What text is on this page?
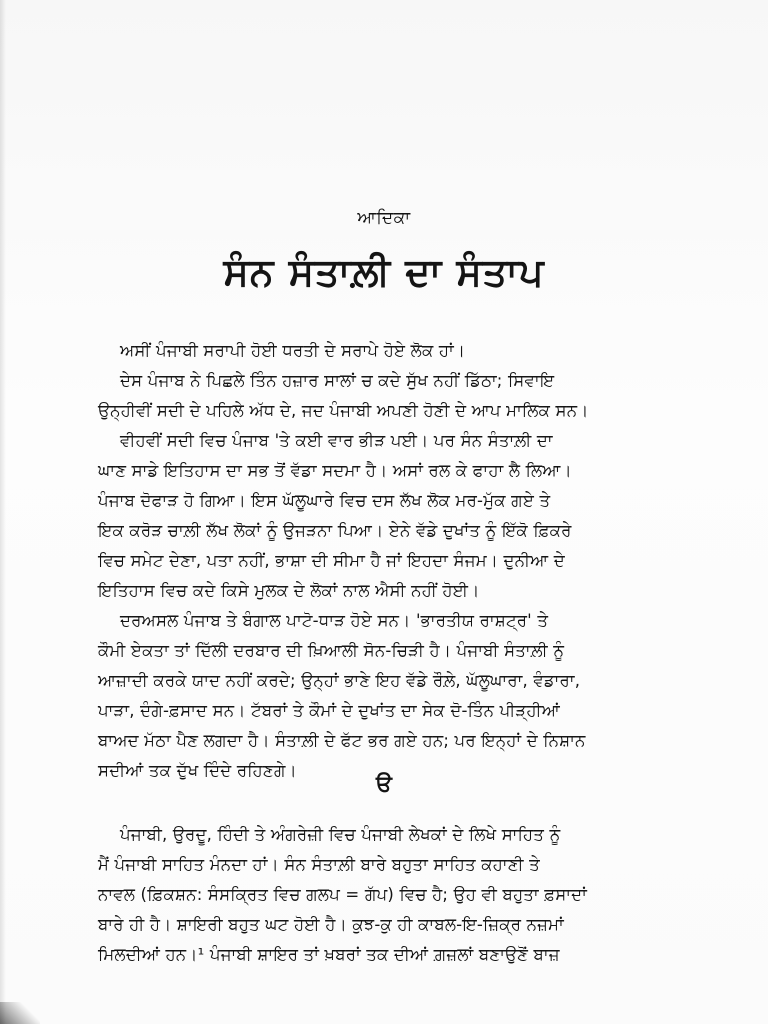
ਆਦਿਕਾ
ਸੰਨ ਸੰਤਾਲ਼ੀ ਦਾ ਸੰਤਾਪ
ਅਸੀਂ ਪੰਜਾਬੀ ਸਰਾਪੀ ਹੋਈ ਧਰਤੀ ਦੇ ਸਰਾਪੇ ਹੋਏ ਲੋਕ ਹਾਂ।
ਦੇਸ ਪੰਜਾਬ ਨੇ ਪਿਛਲੇ ਤਿੰਨ ਹਜ਼ਾਰ ਸਾਲਾਂ ਚ ਕਦੇ ਸੁੱਖ ਨਹੀਂ ਡਿੱਠਾ; ਸਿਵਾਇ
ਉਨ੍ਹੀਵੀਂ ਸਦੀ ਦੇ ਪਹਿਲੇ ਅੱਧ ਦੇ, ਜਦ ਪੰਜਾਬੀ ਅਪਣੀ ਹੋਣੀ ਦੇ ਆਪ ਮਾਲਿਕ ਸਨ।
ਵੀਹਵੀਂ ਸਦੀ ਵਿਚ ਪੰਜਾਬ 'ਤੇ ਕਈ ਵਾਰ ਭੀੜ ਪਈ। ਪਰ ਸੰਨ ਸੰਤਾਲ਼ੀ ਦਾ
ਘਾਣ ਸਾਡੇ ਇਤਿਹਾਸ ਦਾ ਸਭ ਤੋਂ ਵੱਡਾ ਸਦਮਾ ਹੈ। ਅਸਾਂ ਰਲ ਕੇ ਫਾਹਾ ਲੈ ਲਿਆ।
ਪੰਜਾਬ ਦੋਫਾੜ ਹੋ ਗਿਆ। ਇਸ ਘੱਲੂਘਾਰੇ ਵਿਚ ਦਸ ਲੱਖ ਲੋਕ ਮਰ-ਮੁੱਕ ਗਏ ਤੇ
ਇਕ ਕਰੋੜ ਚਾਲ਼ੀ ਲੱਖ ਲੋਕਾਂ ਨੂੰ ਉਜੜਨਾ ਪਿਆ। ਏਨੇ ਵੱਡੇ ਦੁਖਾਂਤ ਨੂੰ ਇੱਕੋ ਫ਼ਿਕਰੇ
ਵਿਚ ਸਮੇਟ ਦੇਣਾ, ਪਤਾ ਨਹੀਂ, ਭਾਸ਼ਾ ਦੀ ਸੀਮਾ ਹੈ ਜਾਂ ਇਹਦਾ ਸੰਜਮ। ਦੁਨੀਆ ਦੇ
ਇਤਿਹਾਸ ਵਿਚ ਕਦੇ ਕਿਸੇ ਮੁਲਕ ਦੇ ਲੋਕਾਂ ਨਾਲ ਐਸੀ ਨਹੀਂ ਹੋਈ।
ਦਰਅਸਲ ਪੰਜਾਬ ਤੇ ਬੰਗਾਲ ਪਾਟੋ-ਧਾੜ ਹੋਏ ਸਨ। 'ਭਾਰਤੀਯ ਰਾਸ਼ਟ੍ਰ' ਤੇ
ਕੌਮੀ ਏਕਤਾ ਤਾਂ ਦਿੱਲੀ ਦਰਬਾਰ ਦੀ ਖ਼ਿਆਲੀ ਸੋਨ-ਚਿੜੀ ਹੈ। ਪੰਜਾਬੀ ਸੰਤਾਲ਼ੀ ਨੂੰ
ਆਜ਼ਾਦੀ ਕਰਕੇ ਯਾਦ ਨਹੀਂ ਕਰਦੇ; ਉਨ੍ਹਾਂ ਭਾਣੇ ਇਹ ਵੱਡੇ ਰੌਲ਼ੇ, ਘੱਲੂਘਾਰਾ, ਵੰਡਾਰਾ,
ਪਾੜਾ, ਦੰਗੇ-ਫ਼ਸਾਦ ਸਨ। ਟੱਬਰਾਂ ਤੇ ਕੌਮਾਂ ਦੇ ਦੁਖਾਂਤ ਦਾ ਸੇਕ ਦੋ-ਤਿੰਨ ਪੀੜ੍ਹੀਆਂ
ਬਾਅਦ ਮੱਠਾ ਪੈਣ ਲਗਦਾ ਹੈ। ਸੰਤਾਲ਼ੀ ਦੇ ਫੱਟ ਭਰ ਗਏ ਹਨ; ਪਰ ਇਨ੍ਹਾਂ ਦੇ ਨਿਸ਼ਾਨ
ਸਦੀਆਂ ਤਕ ਦੁੱਖ ਦਿੰਦੇ ਰਹਿਣਗੇ।
ੳ
ਪੰਜਾਬੀ, ਉਰਦੂ, ਹਿੰਦੀ ਤੇ ਅੰਗਰੇਜ਼ੀ ਵਿਚ ਪੰਜਾਬੀ ਲੇਖਕਾਂ ਦੇ ਲਿਖੇ ਸਾਹਿਤ ਨੂੰ
ਮੈਂ ਪੰਜਾਬੀ ਸਾਹਿਤ ਮੰਨਦਾ ਹਾਂ। ਸੰਨ ਸੰਤਾਲ਼ੀ ਬਾਰੇ ਬਹੁਤਾ ਸਾਹਿਤ ਕਹਾਣੀ ਤੇ
ਨਾਵਲ (ਫ਼ਿਕਸ਼ਨ: ਸੰਸਕ੍ਰਿਤ ਵਿਚ ਗਲਪ = ਗੱਪ) ਵਿਚ ਹੈ; ਉਹ ਵੀ ਬਹੁਤਾ ਫ਼ਸਾਦਾਂ
ਬਾਰੇ ਹੀ ਹੈ। ਸ਼ਾਇਰੀ ਬਹੁਤ ਘਟ ਹੋਈ ਹੈ। ਕੁਝ-ਕੁ ਹੀ ਕਾਬਲ-ਇ-ਜ਼ਿਕ੍ਰ ਨਜ਼ਮਾਂ
ਮਿਲਦੀਆਂ ਹਨ।¹ ਪੰਜਾਬੀ ਸ਼ਾਇਰ ਤਾਂ ਖ਼ਬਰਾਂ ਤਕ ਦੀਆਂ ਗ਼ਜ਼ਲਾਂ ਬਣਾਉਣੋਂ ਬਾਜ਼
